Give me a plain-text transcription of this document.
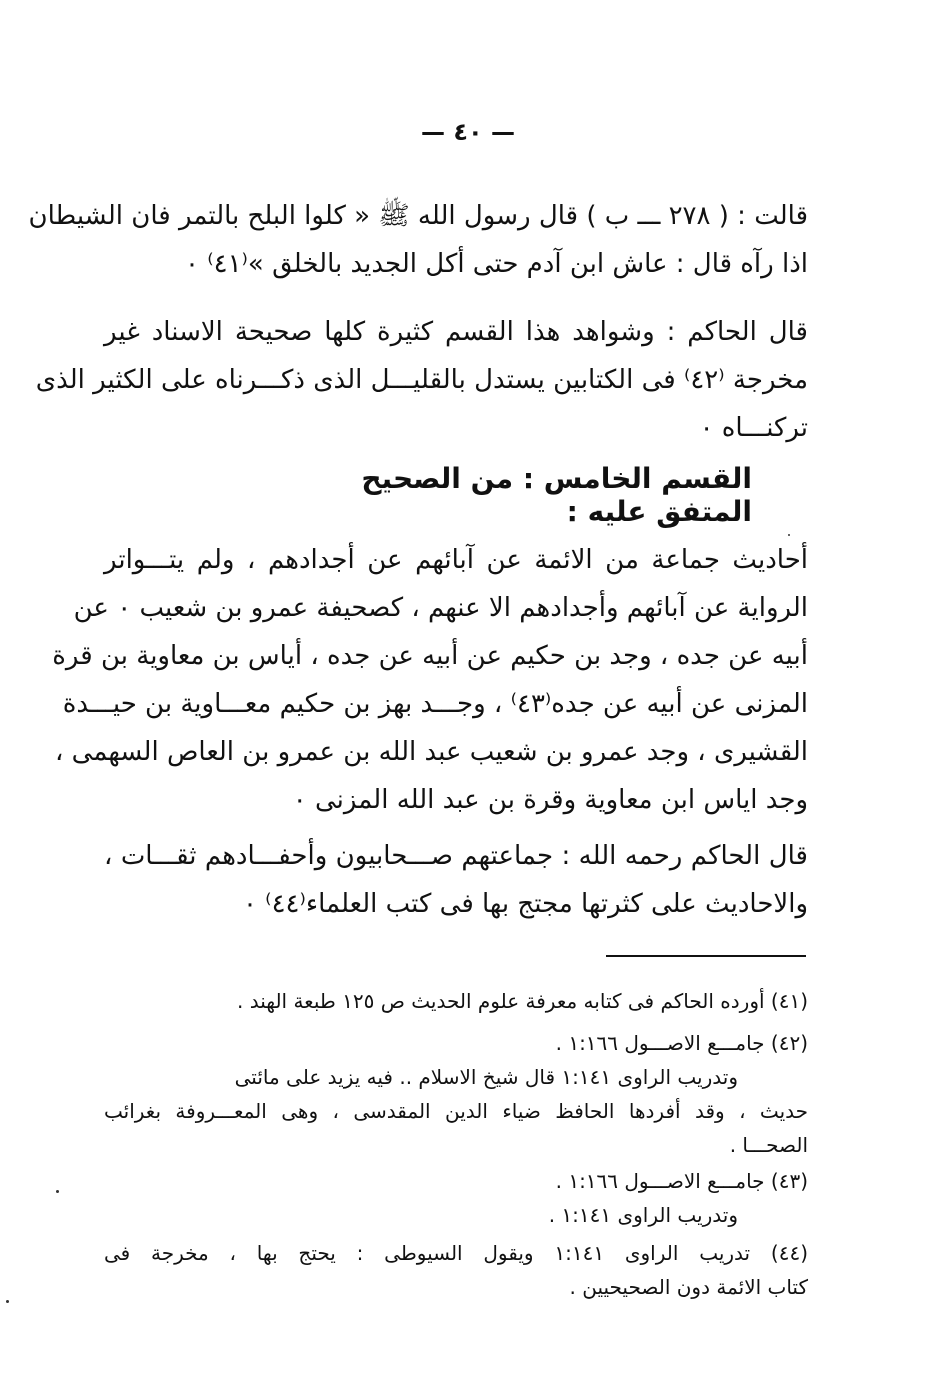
— ٤٠ —
قالت : ( ٢٧٨ ـــ ب ) قال رسول الله ﷺ « كلوا البلح بالتمر فان الشيطان
اذا رآه قال : عاش ابن آدم حتى أكل الجديد بالخلق »⁽٤١⁾ ٠
قال الحاكم : وشواهد هذا القسم كثيرة كلها صحيحة الاسناد غير
مخرجة ⁽٤٢⁾ فى الكتابين يستدل بالقليـــل الذى ذكـــرناه على الكثير الذى
تركنـــاه ٠
القسم الخامس : من الصحيح المتفق عليه :
أحاديث جماعة من الائمة عن آبائهم عن أجدادهم ، ولم يتـــواتر
الرواية عن آبائهم وأجدادهم الا عنهم ، كصحيفة عمرو بن شعيب ٠ عن
أبيه عن جده ، وجد بن حكيم عن أبيه عن جده ، أياس بن معاوية بن قرة
المزنى عن أبيه عن جده⁽٤٣⁾ ، وجـــد بهز بن حكيم معـــاوية بن حيـــدة
القشيرى ، وجد عمرو بن شعيب عبد الله بن عمرو بن العاص السهمى ،
وجد اياس ابن معاوية وقرة بن عبد الله المزنى ٠
قال الحاكم رحمه الله : جماعتهم صـــحابيون وأحفـــادهم ثقـــات ،
والاحاديث على كثرتها مجتج بها فى كتب العلماء⁽٤٤⁾ ٠
(٤١) أورده الحاكم فى كتابه معرفة علوم الحديث ص ١٢٥ طبعة الهند .
(٤٢) جامـــع الاصـــول ١:١٦٦ .
وتدريب الراوى ١:١٤١ قال شيخ الاسلام .. فيه يزيد على مائتى
حديث ، وقد أفردها الحافظ ضياء الدين المقدسى ، وهى المعـــروفة بغرائب
الصحـــا .
(٤٣) جامـــع الاصـــول ١:١٦٦ .
وتدريب الراوى ١:١٤١ .
(٤٤) تدريب الراوى ١:١٤١ ويقول السيوطى : يحتج بها ، مخرجة فى
كتاب الائمة دون الصحيحيين .
